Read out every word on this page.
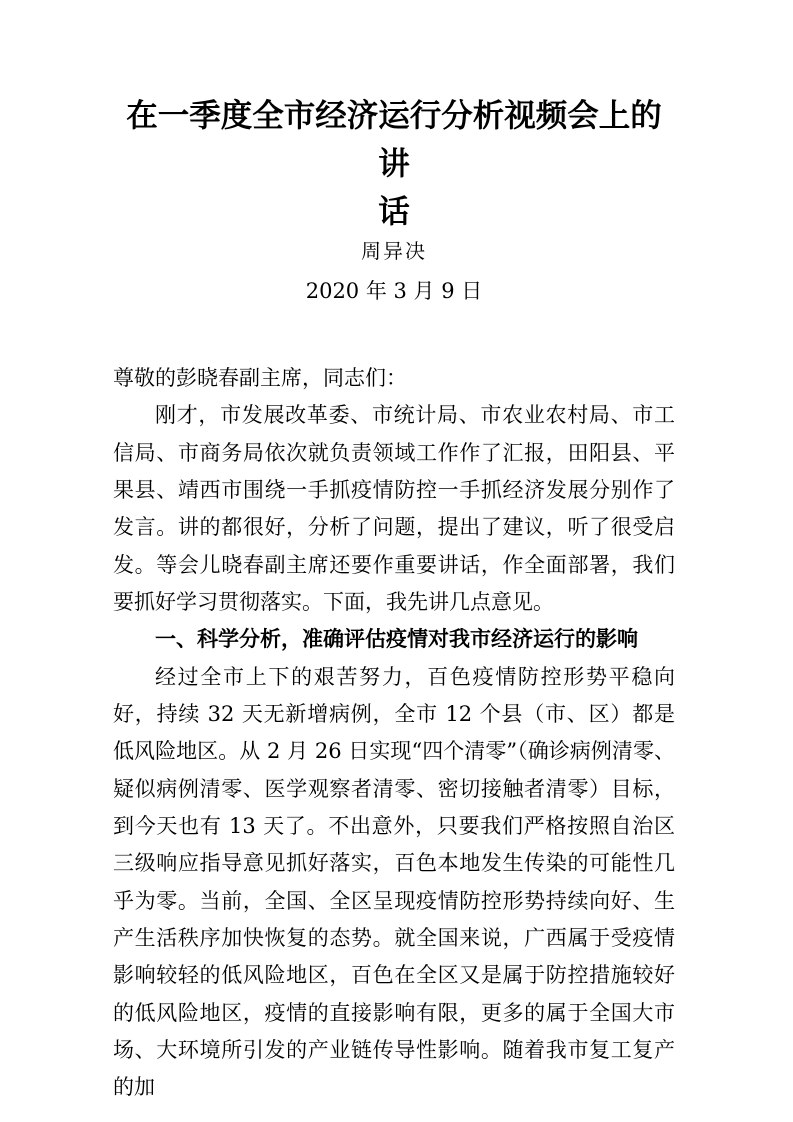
在一季度全市经济运行分析视频会上的讲
话
周异决
2020 年 3 月 9 日

尊敬的彭晓春副主席，同志们：

刚才，市发展改革委、市统计局、市农业农村局、市工信局、市商务局依次就负责领域工作作了汇报，田阳县、平果县、靖西市围绕一手抓疫情防控一手抓经济发展分别作了发言。讲的都很好，分析了问题，提出了建议，听了很受启发。等会儿晓春副主席还要作重要讲话，作全面部署，我们要抓好学习贯彻落实。下面，我先讲几点意见。

一、科学分析，准确评估疫情对我市经济运行的影响

经过全市上下的艰苦努力，百色疫情防控形势平稳向好，持续 32 天无新增病例，全市 12 个县（市、区）都是低风险地区。从 2 月 26 日实现“四个清零”（确诊病例清零、疑似病例清零、医学观察者清零、密切接触者清零）目标，到今天也有 13 天了。不出意外，只要我们严格按照自治区三级响应指导意见抓好落实，百色本地发生传染的可能性几乎为零。当前，全国、全区呈现疫情防控形势持续向好、生产生活秩序加快恢复的态势。就全国来说，广西属于受疫情影响较轻的低风险地区，百色在全区又是属于防控措施较好的低风险地区，疫情的直接影响有限，更多的属于全国大市场、大环境所引发的产业链传导性影响。随着我市复工复产的加
